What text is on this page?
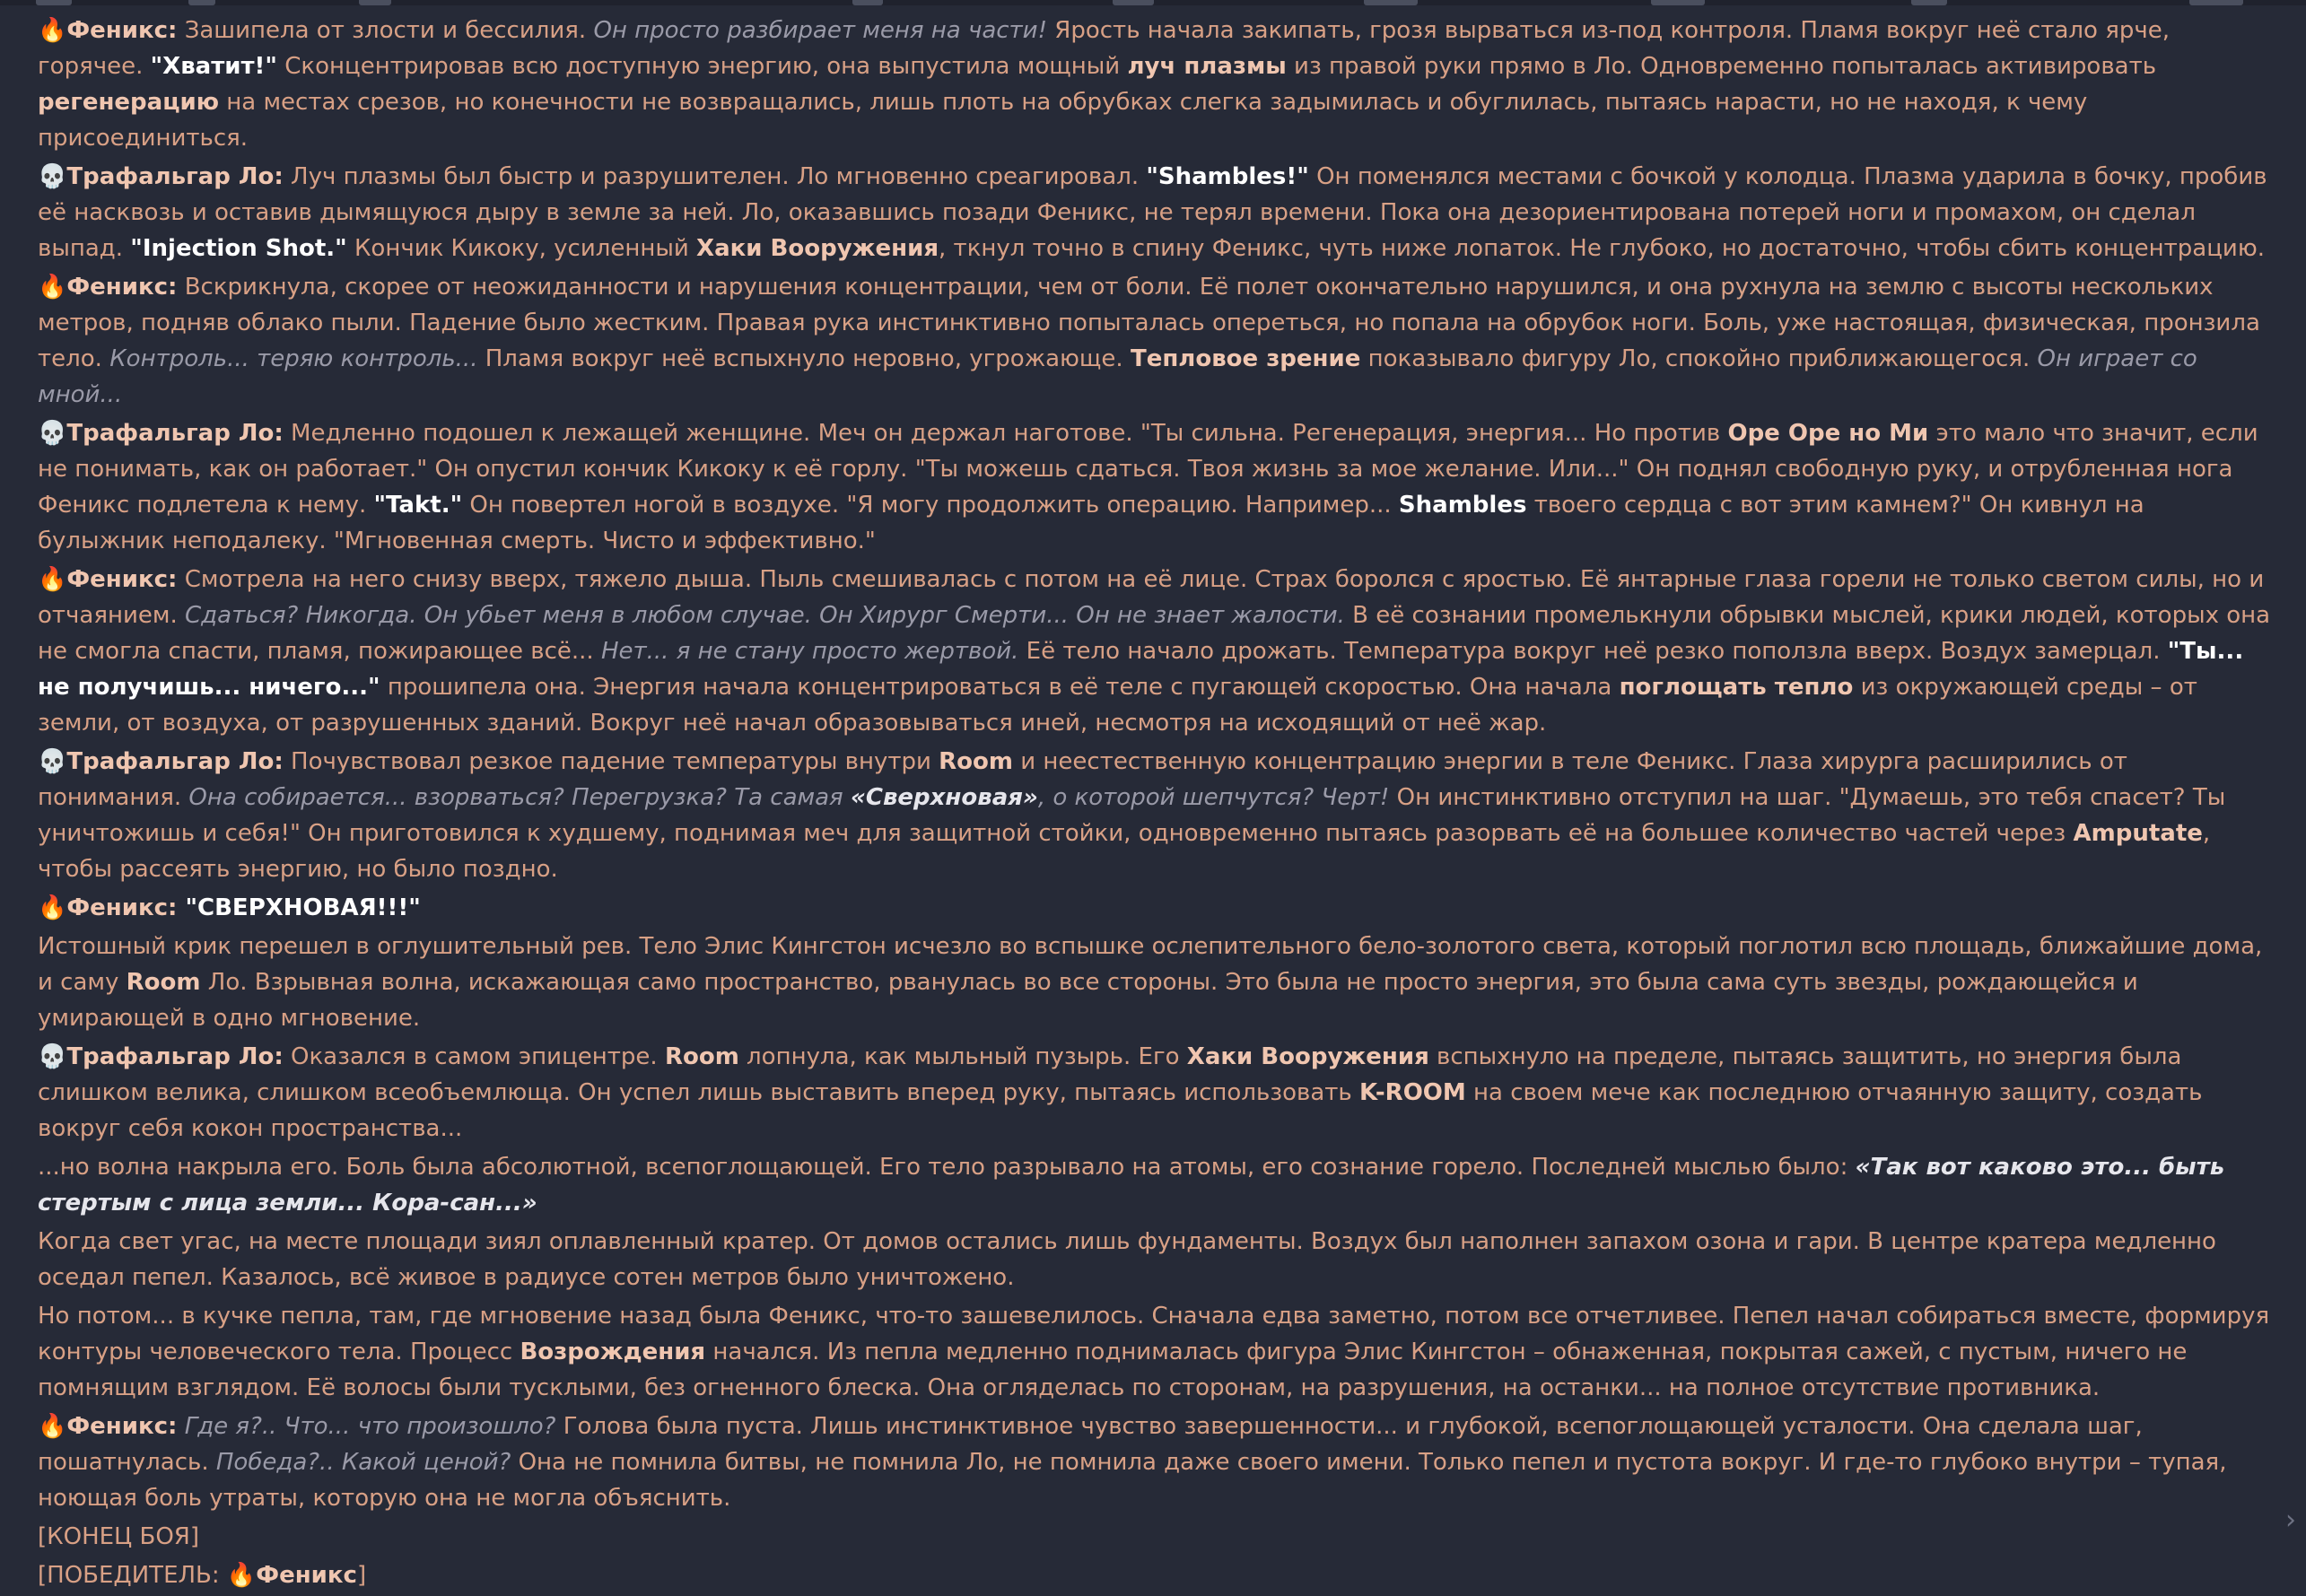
🔥Феникс: Зашипела от злости и бессилия. Он просто разбирает меня на части! Ярость начала закипать, грозя вырваться из-под контроля. Пламя вокруг неё стало ярче, горячее. "Хватит!" Сконцентрировав всю доступную энергию, она выпустила мощный луч плазмы из правой руки прямо в Ло. Одновременно попыталась активировать регенерацию на местах срезов, но конечности не возвращались, лишь плоть на обрубках слегка задымилась и обуглилась, пытаясь нарасти, но не находя, к чему присоединиться.
💀Трафальгар Ло: Луч плазмы был быстр и разрушителен. Ло мгновенно среагировал. "Shambles!" Он поменялся местами с бочкой у колодца. Плазма ударила в бочку, пробив её насквозь и оставив дымящуюся дыру в земле за ней. Ло, оказавшись позади Феникс, не терял времени. Пока она дезориентирована потерей ноги и промахом, он сделал выпад. "Injection Shot." Кончик Кикоку, усиленный Хаки Вооружения, ткнул точно в спину Феникс, чуть ниже лопаток. Не глубоко, но достаточно, чтобы сбить концентрацию.
🔥Феникс: Вскрикнула, скорее от неожиданности и нарушения концентрации, чем от боли. Её полет окончательно нарушился, и она рухнула на землю с высоты нескольких метров, подняв облако пыли. Падение было жестким. Правая рука инстинктивно попыталась опереться, но попала на обрубок ноги. Боль, уже настоящая, физическая, пронзила тело. Контроль... теряю контроль... Пламя вокруг неё вспыхнуло неровно, угрожающе. Тепловое зрение показывало фигуру Ло, спокойно приближающегося. Он играет со мной...
💀Трафальгар Ло: Медленно подошел к лежащей женщине. Меч он держал наготове. "Ты сильна. Регенерация, энергия... Но против Ope Ope но Ми это мало что значит, если не понимать, как он работает." Он опустил кончик Кикоку к её горлу. "Ты можешь сдаться. Твоя жизнь за мое желание. Или..." Он поднял свободную руку, и отрубленная нога Феникс подлетела к нему. "Takt." Он повертел ногой в воздухе. "Я могу продолжить операцию. Например... Shambles твоего сердца с вот этим камнем?" Он кивнул на булыжник неподалеку. "Мгновенная смерть. Чисто и эффективно."
🔥Феникс: Смотрела на него снизу вверх, тяжело дыша. Пыль смешивалась с потом на её лице. Страх боролся с яростью. Её янтарные глаза горели не только светом силы, но и отчаянием. Сдаться? Никогда. Он убьет меня в любом случае. Он Хирург Смерти... Он не знает жалости. В её сознании промелькнули обрывки мыслей, крики людей, которых она не смогла спасти, пламя, пожирающее всё... Нет... я не стану просто жертвой. Её тело начало дрожать. Температура вокруг неё резко поползла вверх. Воздух замерцал. "Ты... не получишь... ничего..." прошипела она. Энергия начала концентрироваться в её теле с пугающей скоростью. Она начала поглощать тепло из окружающей среды – от земли, от воздуха, от разрушенных зданий. Вокруг неё начал образовываться иней, несмотря на исходящий от неё жар.
💀Трафальгар Ло: Почувствовал резкое падение температуры внутри Room и неестественную концентрацию энергии в теле Феникс. Глаза хирурга расширились от понимания. Она собирается... взорваться? Перегрузка? Та самая «Сверхновая», о которой шепчутся? Черт! Он инстинктивно отступил на шаг. "Думаешь, это тебя спасет? Ты уничтожишь и себя!" Он приготовился к худшему, поднимая меч для защитной стойки, одновременно пытаясь разорвать её на большее количество частей через Amputate, чтобы рассеять энергию, но было поздно.
🔥Феникс: "СВЕРХНОВАЯ!!!"
Истошный крик перешел в оглушительный рев. Тело Элис Кингстон исчезло во вспышке ослепительного бело-золотого света, который поглотил всю площадь, ближайшие дома, и саму Room Ло. Взрывная волна, искажающая само пространство, рванулась во все стороны. Это была не просто энергия, это была сама суть звезды, рождающейся и умирающей в одно мгновение.
💀Трафальгар Ло: Оказался в самом эпицентре. Room лопнула, как мыльный пузырь. Его Хаки Вооружения вспыхнуло на пределе, пытаясь защитить, но энергия была слишком велика, слишком всеобъемлюща. Он успел лишь выставить вперед руку, пытаясь использовать K-ROOM на своем мече как последнюю отчаянную защиту, создать вокруг себя кокон пространства...
...но волна накрыла его. Боль была абсолютной, всепоглощающей. Его тело разрывало на атомы, его сознание горело. Последней мыслью было: «Так вот каково это... быть стертым с лица земли... Кора-сан...»
Когда свет угас, на месте площади зиял оплавленный кратер. От домов остались лишь фундаменты. Воздух был наполнен запахом озона и гари. В центре кратера медленно оседал пепел. Казалось, всё живое в радиусе сотен метров было уничтожено.
Но потом... в кучке пепла, там, где мгновение назад была Феникс, что-то зашевелилось. Сначала едва заметно, потом все отчетливее. Пепел начал собираться вместе, формируя контуры человеческого тела. Процесс Возрождения начался. Из пепла медленно поднималась фигура Элис Кингстон – обнаженная, покрытая сажей, с пустым, ничего не помнящим взглядом. Её волосы были тусклыми, без огненного блеска. Она огляделась по сторонам, на разрушения, на останки... на полное отсутствие противника.
🔥Феникс: Где я?.. Что... что произошло? Голова была пуста. Лишь инстинктивное чувство завершенности... и глубокой, всепоглощающей усталости. Она сделала шаг, пошатнулась. Победа?.. Какой ценой? Она не помнила битвы, не помнила Ло, не помнила даже своего имени. Только пепел и пустота вокруг. И где-то глубоко внутри – тупая, ноющая боль утраты, которую она не могла объяснить.
[КОНЕЦ БОЯ]
[ПОБЕДИТЕЛЬ: 🔥Феникс]
›
